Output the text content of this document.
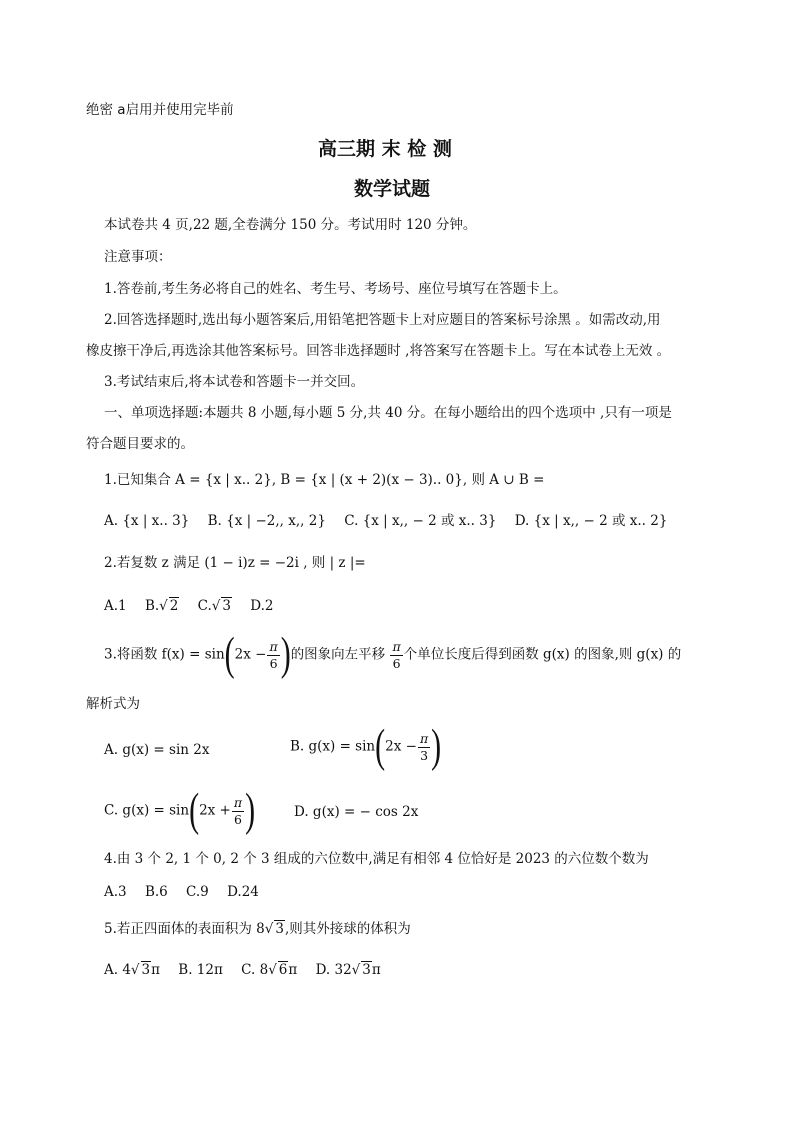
绝密 a启用并使用完毕前
高三期 末 检 测
数学试题
本试卷共 4 页,22 题,全卷满分 150 分。考试用时 120 分钟。
注意事项：
1.答卷前,考生务必将自己的姓名、考生号、考场号、座位号填写在答题卡上。
2.回答选择题时,选出每小题答案后,用铅笔把答题卡上对应题目的答案标号涂黑 。如需改动,用
橡皮擦干净后,再选涂其他答案标号。回答非选择题时 ,将答案写在答题卡上。写在本试卷上无效 。
3.考试结束后,将本试卷和答题卡一并交回。
一、单项选择题:本题共 8 小题,每小题 5 分,共 40 分。在每小题给出的四个选项中 ,只有一项是
符合题目要求的。
1.已知集合 A = {x | x.. 2}, B = {x | (x + 2)(x − 3).. 0}, 则 A ∪ B =
A. {x | x.. 3} B. {x | −2,, x,, 2} C. {x | x,, − 2 或 x.. 3} D. {x | x,, − 2 或 x.. 2}
2.若复数 z 满足 (1 − i)z = −2i , 则 | z |=
A.1 B.√ 2 C.√ 3 D.2
3.将函数 $f(x) = \sin(2x - \frac{\pi}{6}$ )的图象向左平移 $\frac{\pi}{6}$ 个单位长度后得到函数 g(x) 的图象,则 g(x) 的
解析式为
A. g(x) = sin 2x	B. $g(x) = \sin(2x - \frac{\pi}{3}$ )
C. $g(x) = \sin(2x + \frac{\pi}{6}$ )	D. g(x) = − cos 2x
4.由 3 个 2, 1 个 0, 2 个 3 组成的六位数中,满足有相邻 4 位恰好是 2023 的六位数个数为
A.3 B.6 C.9 D.24
5.若正四面体的表面积为 8√ 3,则其外接球的体积为
A. 4√ 3π B. 12π C. 8√ 6π D. 32√ 3π
